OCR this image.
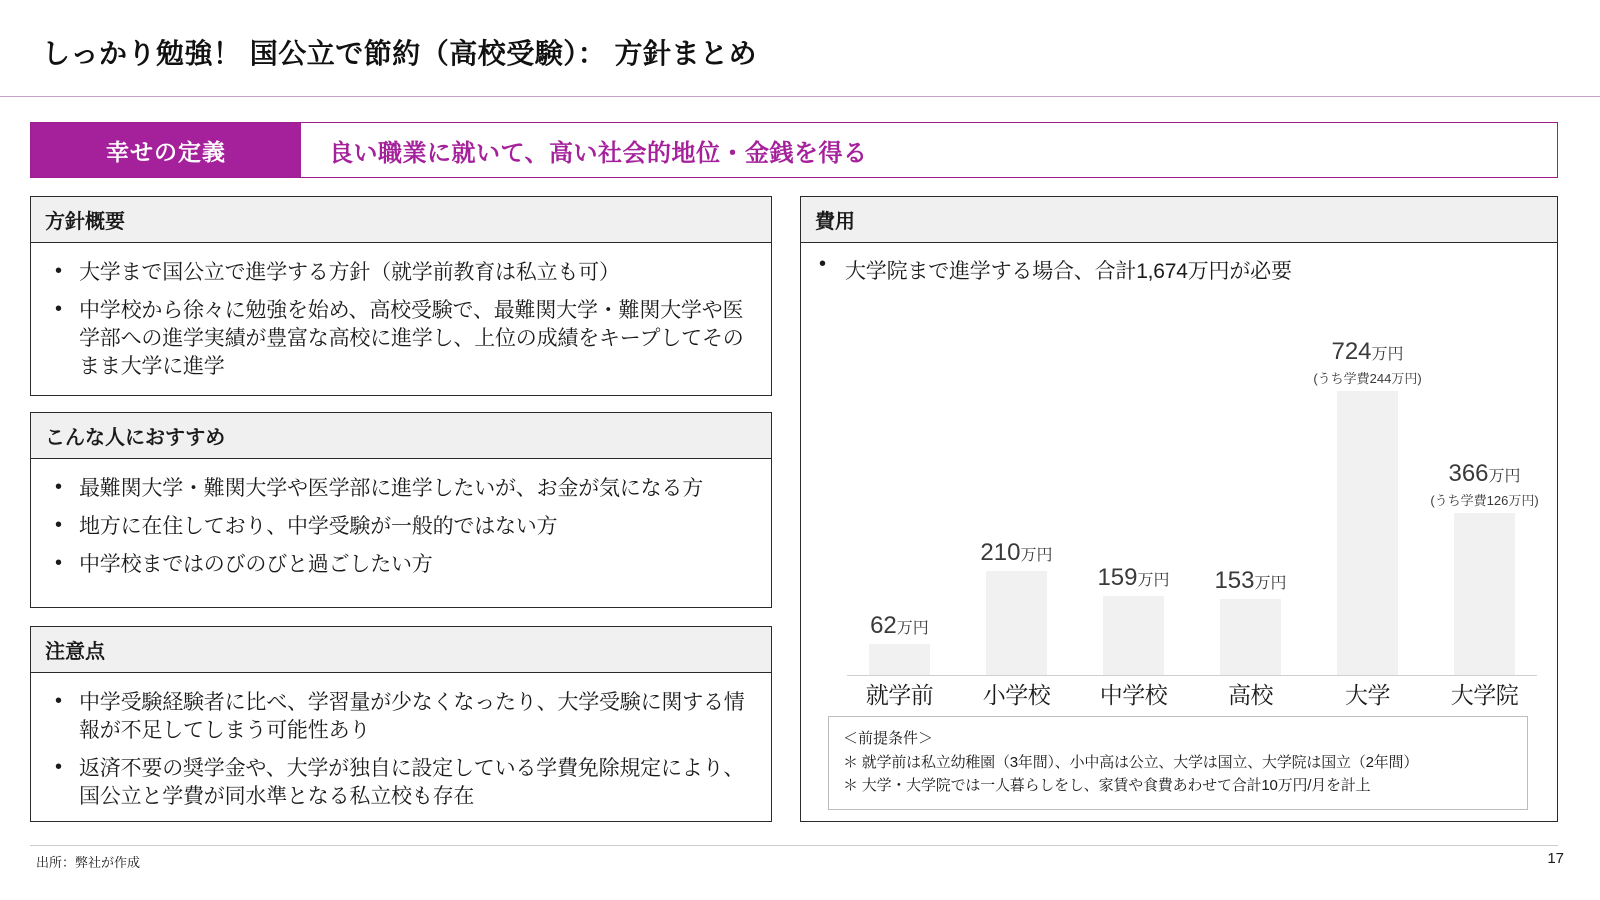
しっかり勉強！ 国公立で節約（高校受験）： 方針まとめ
幸せの定義	良い職業に就いて、高い社会的地位・金銭を得る
方針概要
• 大学まで国公立で進学する方針（就学前教育は私立も可）
• 中学校から徐々に勉強を始め、高校受験で、最難関大学・難関大学や医学部への進学実績が豊富な高校に進学し、上位の成績をキープしてそのまま大学に進学
こんな人におすすめ
• 最難関大学・難関大学や医学部に進学したいが、お金が気になる方
• 地方に在住しており、中学受験が一般的ではない方
• 中学校まではのびのびと過ごしたい方
注意点
• 中学受験経験者に比べ、学習量が少なくなったり、大学受験に関する情報が不足してしまう可能性あり
• 返済不要の奨学金や、大学が独自に設定している学費免除規定により、国公立と学費が同水準となる私立校も存在
費用
• 大学院まで進学する場合、合計1,674万円が必要
62万円
210万円
159万円 153万円
724万円
(うち学費244万円)
366万円
(うち学費126万円)
就学前	小学校	中学校	高校	大学	大学院
＜前提条件＞
＊ 就学前は私立幼稚園（3年間）、小中高は公立、大学は国立、大学院は国立（2年間）
＊ 大学・大学院では一人暮らしをし、家賃や食費あわせて合計10万円/月を計上
出所：弊社が作成	17
